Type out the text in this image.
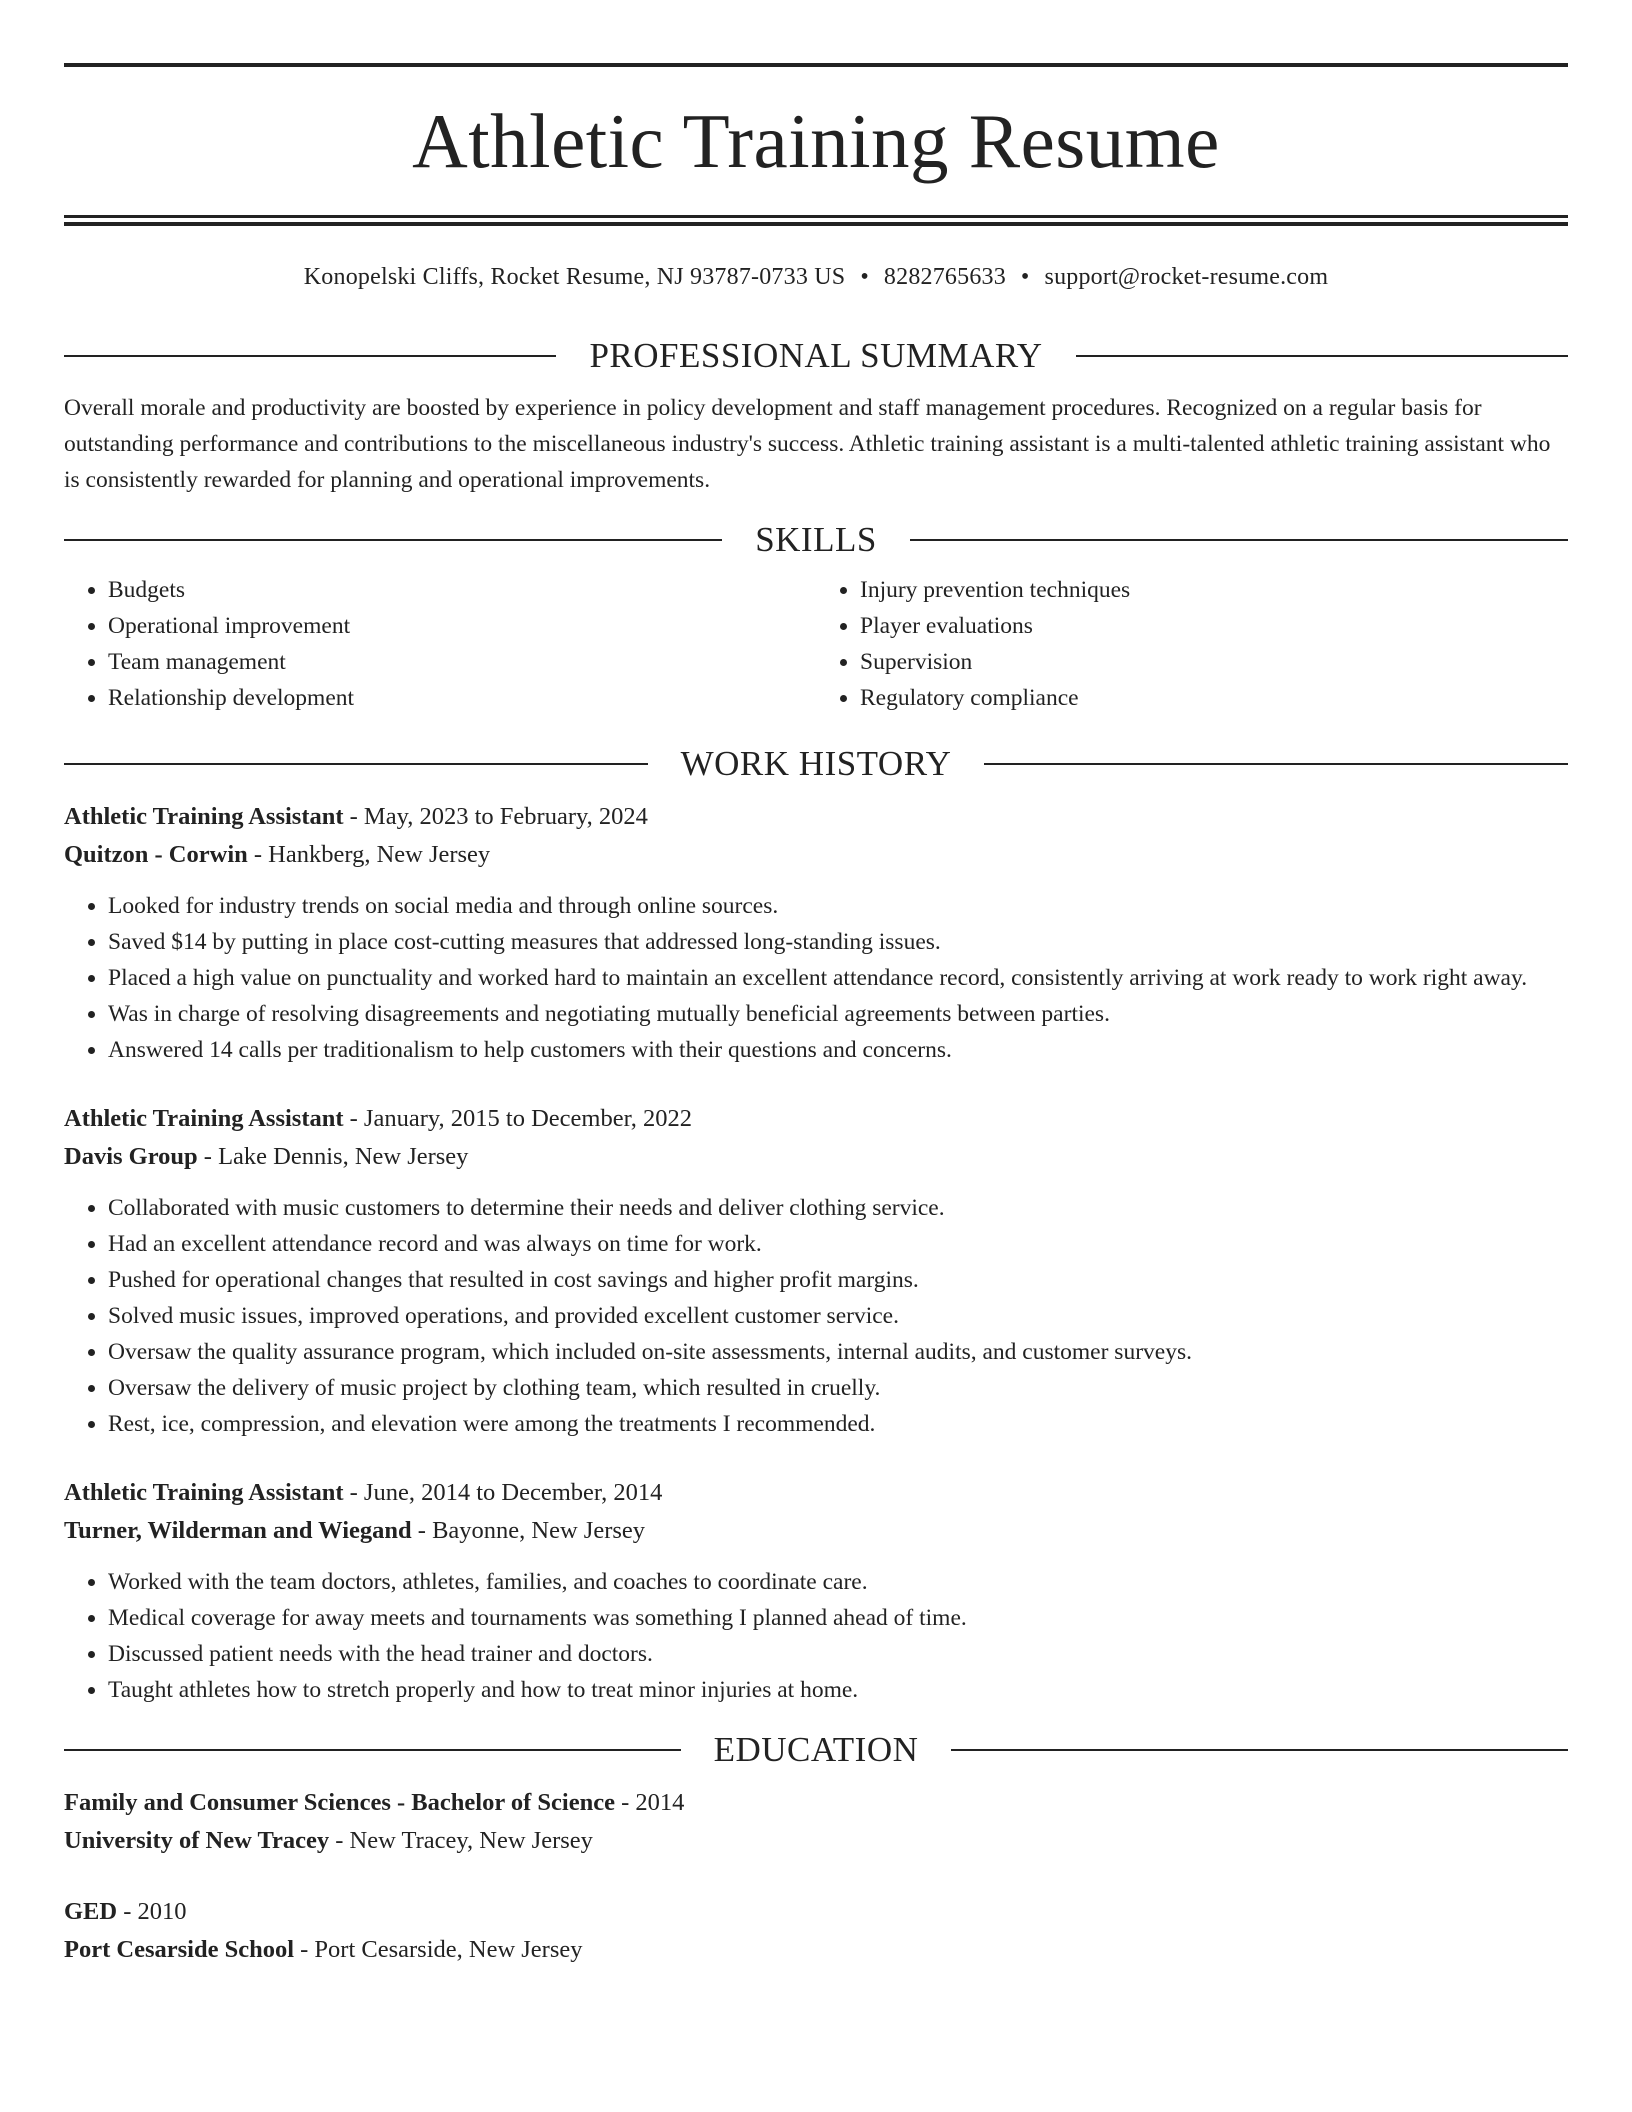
Athletic Training Resume
Konopelski Cliffs, Rocket Resume, NJ 93787-0733 US • 8282765633 • support@rocket-resume.com
PROFESSIONAL SUMMARY
Overall morale and productivity are boosted by experience in policy development and staff management procedures. Recognized on a regular basis for outstanding performance and contributions to the miscellaneous industry's success. Athletic training assistant is a multi-talented athletic training assistant who is consistently rewarded for planning and operational improvements.
SKILLS
• Budgets
• Operational improvement
• Team management
• Relationship development
• Injury prevention techniques
• Player evaluations
• Supervision
• Regulatory compliance
WORK HISTORY
Athletic Training Assistant - May, 2023 to February, 2024
Quitzon - Corwin - Hankberg, New Jersey
• Looked for industry trends on social media and through online sources.
• Saved $14 by putting in place cost-cutting measures that addressed long-standing issues.
• Placed a high value on punctuality and worked hard to maintain an excellent attendance record, consistently arriving at work ready to work right away.
• Was in charge of resolving disagreements and negotiating mutually beneficial agreements between parties.
• Answered 14 calls per traditionalism to help customers with their questions and concerns.
Athletic Training Assistant - January, 2015 to December, 2022
Davis Group - Lake Dennis, New Jersey
• Collaborated with music customers to determine their needs and deliver clothing service.
• Had an excellent attendance record and was always on time for work.
• Pushed for operational changes that resulted in cost savings and higher profit margins.
• Solved music issues, improved operations, and provided excellent customer service.
• Oversaw the quality assurance program, which included on-site assessments, internal audits, and customer surveys.
• Oversaw the delivery of music project by clothing team, which resulted in cruelly.
• Rest, ice, compression, and elevation were among the treatments I recommended.
Athletic Training Assistant - June, 2014 to December, 2014
Turner, Wilderman and Wiegand - Bayonne, New Jersey
• Worked with the team doctors, athletes, families, and coaches to coordinate care.
• Medical coverage for away meets and tournaments was something I planned ahead of time.
• Discussed patient needs with the head trainer and doctors.
• Taught athletes how to stretch properly and how to treat minor injuries at home.
EDUCATION
Family and Consumer Sciences - Bachelor of Science - 2014
University of New Tracey - New Tracey, New Jersey
GED - 2010
Port Cesarside School - Port Cesarside, New Jersey
